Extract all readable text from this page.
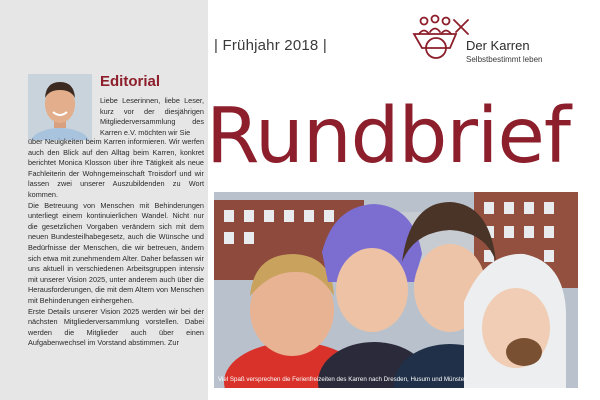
Editorial
Liebe Leserinnen, liebe Leser, kurz vor der diesjährigen Mitgliederversammlung des Karren e.V. möchten wir Sie

über Neuigkeiten beim Karren informieren. Wir werfen auch den Blick auf den Alltag beim Karren, konkret berichtet Monica Klosson über ihre Tätigkeit als neue Fachleiterin der Wohngemeinschaft Troisdorf und wir lassen zwei unserer Auszubildenden zu Wort kommen.

Die Betreuung von Menschen mit Behinderungen unterliegt einem kontinuierlichen Wandel. Nicht nur die gesetzlichen Vorgaben verändern sich mit dem neuen Bundesteilhabegesetz, auch die Wünsche und Bedürfnisse der Menschen, die wir betreuen, ändern sich etwa mit zunehmendem Alter. Daher befassen wir uns aktuell in verschiedenen Arbeitsgruppen intensiv mit unserer Vision 2025, unter anderem auch über die Herausforderungen, die mit dem Altern von Menschen mit Behinderungen einhergehen.

Erste Details unserer Vision 2025 werden wir bei der nächsten Mitgliederversammlung vorstellen. Dabei werden die Mitglieder auch über einen Aufgabenwechsel im Vorstand abstimmen. Zur

| Frühjahr 2018 |	Der Karren
Selbstbestimmt leben
Rundbrief
Viel Spaß versprechen die Ferienfreizeiten des Karren nach Dresden, Husum und Münster.
